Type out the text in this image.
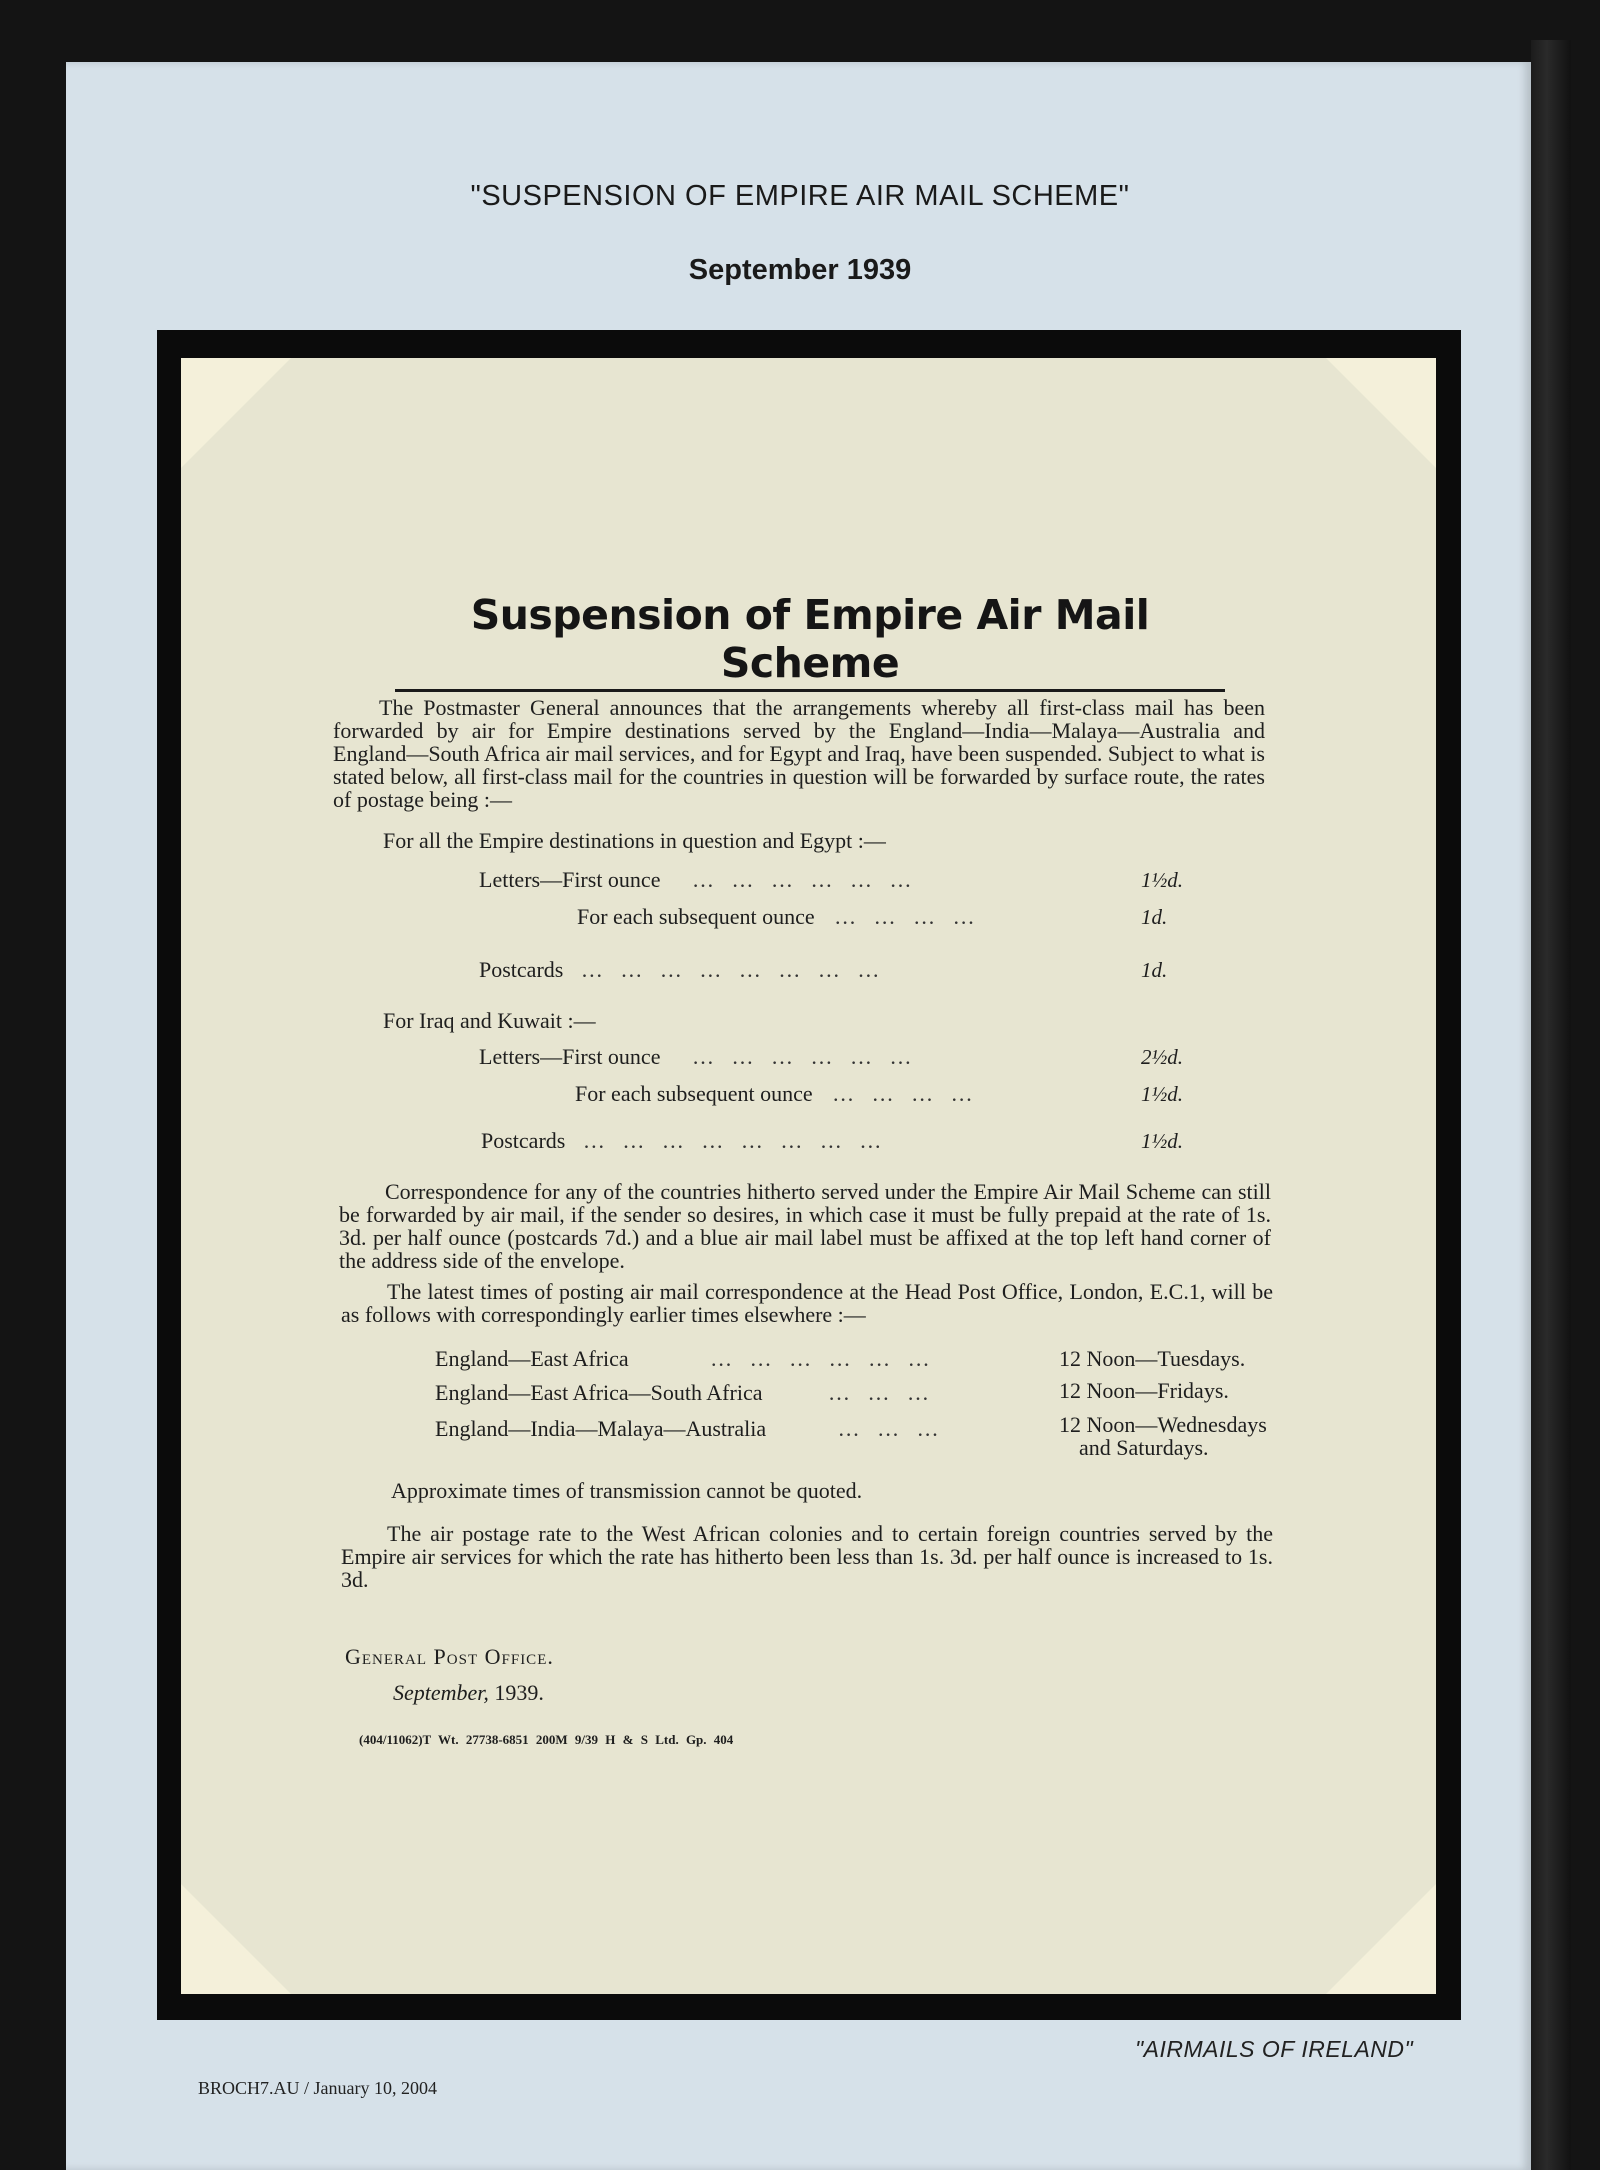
"SUSPENSION OF EMPIRE AIR MAIL SCHEME"
September 1939
Suspension of Empire Air Mail Scheme
The Postmaster General announces that the arrangements whereby all first-class mail has been forwarded by air for Empire destinations served by the England—India—Malaya—Australia and England—South Africa air mail services, and for Egypt and Iraq, have been suspended. Subject to what is stated below, all first-class mail for the countries in question will be forwarded by surface route, the rates of postage being :—
For all the Empire destinations in question and Egypt :—
Letters—First ounce … … … … … …	1½d.
For each subsequent ounce … … … …	1d.
Postcards … … … … … … … …	1d.
For Iraq and Kuwait :—
Letters—First ounce … … … … … …	2½d.
For each subsequent ounce … … … …	1½d.
Postcards … … … … … … … …	1½d.
Correspondence for any of the countries hitherto served under the Empire Air Mail Scheme can still be forwarded by air mail, if the sender so desires, in which case it must be fully prepaid at the rate of 1s. 3d. per half ounce (postcards 7d.) and a blue air mail label must be affixed at the top left hand corner of the address side of the envelope.
The latest times of posting air mail correspondence at the Head Post Office, London, E.C.1, will be as follows with correspondingly earlier times elsewhere :—
England—East Africa	… … … … … …	12 Noon—Tuesdays.
England—East Africa—South Africa	… … …	12 Noon—Fridays.
England—India—Malaya—Australia	… … …	12 Noon—Wednesdays
and Saturdays.
Approximate times of transmission cannot be quoted.
The air postage rate to the West African colonies and to certain foreign countries served by the Empire air services for which the rate has hitherto been less than 1s. 3d. per half ounce is increased to 1s. 3d.
General Post Office.
September, 1939.
(404/11062)T Wt. 27738-6851 200M 9/39 H & S Ltd. Gp. 404
BROCH7.AU / January 10, 2004
"AIRMAILS OF IRELAND"
